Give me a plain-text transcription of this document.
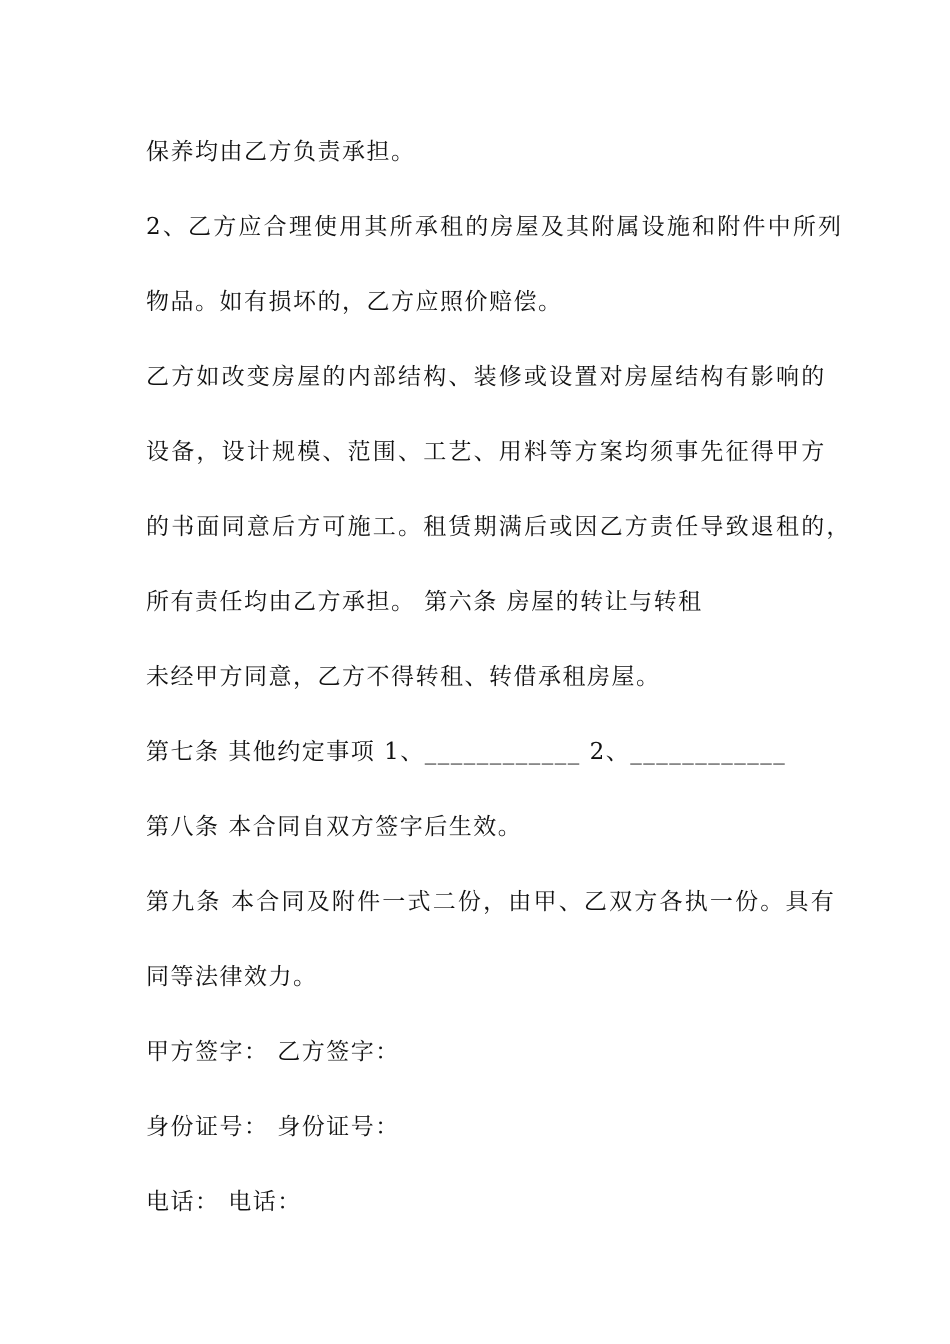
保养均由乙方负责承担。
2、乙方应合理使用其所承租的房屋及其附属设施和附件中所列
物品。如有损坏的，乙方应照价赔偿。
乙方如改变房屋的内部结构、装修或设置对房屋结构有影响的
设备，设计规模、范围、工艺、用料等方案均须事先征得甲方
的书面同意后方可施工。租赁期满后或因乙方责任导致退租的，
所有责任均由乙方承担。 第六条 房屋的转让与转租
未经甲方同意，乙方不得转租、转借承租房屋。
第七条 其他约定事项 1、____________ 2、____________
第八条 本合同自双方签字后生效。
第九条 本合同及附件一式二份，由甲、乙双方各执一份。具有
同等法律效力。
甲方签字： 乙方签字：
身份证号： 身份证号：
电话： 电话：
